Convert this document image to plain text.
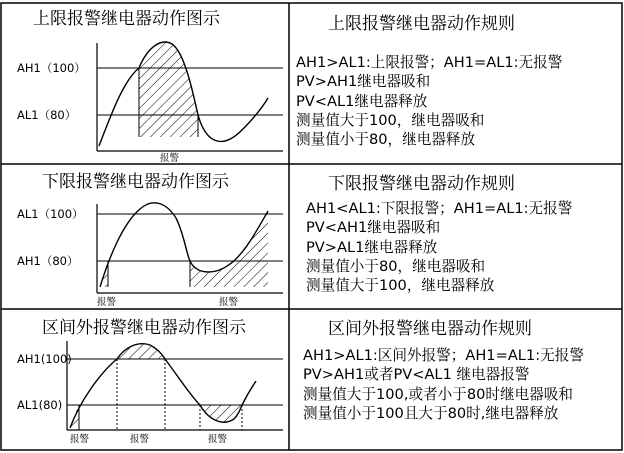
上限报警继电器动作图示	上限报警继电器动作规则
AH1（100）
AL1（80）
报警
AH1>AL1:上限报警；AH1=AL1:无报警
PV>AH1继电器吸和
PV<AL1继电器释放
测量值大于100，继电器吸和
测量值小于80，继电器释放
下限报警继电器动作图示	下限报警继电器动作规则
AL1（100）
AH1（80）
报警	报警
AH1<AL1:下限报警；AH1=AL1:无报警
PV<AH1继电器吸和
PV>AL1继电器释放
测量值小于80，继电器吸和
测量值大于100，继电器释放
区间外报警继电器动作图示	区间外报警继电器动作规则
AH1(100)
AL1(80)
报警	报警	报警
AH1>AL1:区间外报警；AH1=AL1:无报警
PV>AH1或者PV<AL1 继电器报警
测量值大于100,或者小于80时继电器吸和
测量值小于100且大于80时,继电器释放
